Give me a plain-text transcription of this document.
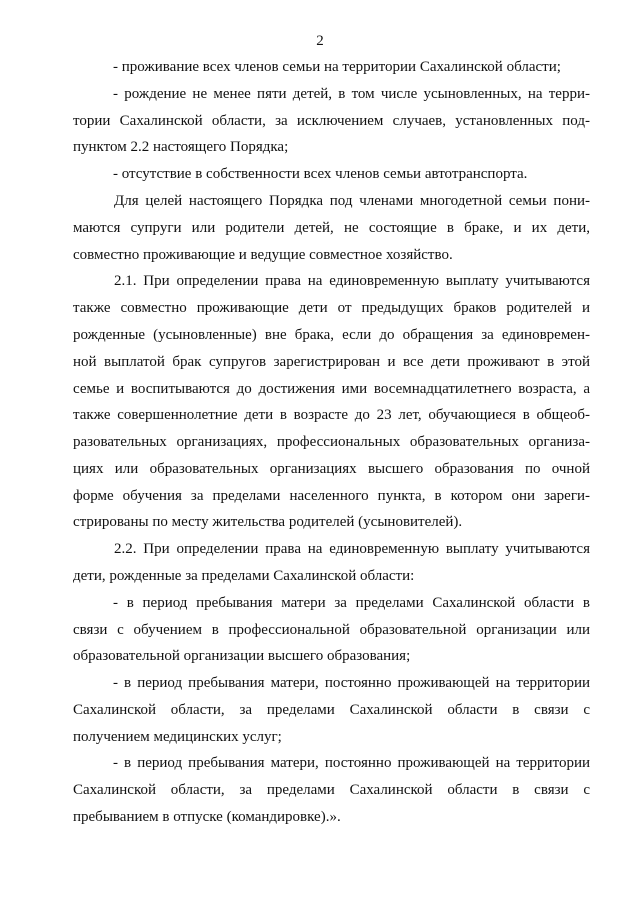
2
- проживание всех членов семьи на территории Сахалинской области;
- рождение не менее пяти детей, в том числе усыновленных, на терри-
тории Сахалинской области, за исключением случаев, установленных под-
пунктом 2.2 настоящего Порядка;
- отсутствие в собственности всех членов семьи автотранспорта.
Для целей настоящего Порядка под членами многодетной семьи пони-
маются супруги или родители детей, не состоящие в браке, и их дети,
совместно проживающие и ведущие совместное хозяйство.
2.1. При определении права на единовременную выплату учитываются
также совместно проживающие дети от предыдущих браков родителей и
рожденные (усыновленные) вне брака, если до обращения за единовремен-
ной выплатой брак супругов зарегистрирован и все дети проживают в этой
семье и воспитываются до достижения ими восемнадцатилетнего возраста, а
также совершеннолетние дети в возрасте до 23 лет, обучающиеся в общеоб-
разовательных организациях, профессиональных образовательных организа-
циях или образовательных организациях высшего образования по очной
форме обучения за пределами населенного пункта, в котором они зареги-
стрированы по месту жительства родителей (усыновителей).
2.2. При определении права на единовременную выплату учитываются
дети, рожденные за пределами Сахалинской области:
- в период пребывания матери за пределами Сахалинской области в
связи с обучением в профессиональной образовательной организации или
образовательной организации высшего образования;
- в период пребывания матери, постоянно проживающей на территории
Сахалинской области, за пределами Сахалинской области в связи с
получением медицинских услуг;
- в период пребывания матери, постоянно проживающей на территории
Сахалинской области, за пределами Сахалинской области в связи с
пребыванием в отпуске (командировке).».
